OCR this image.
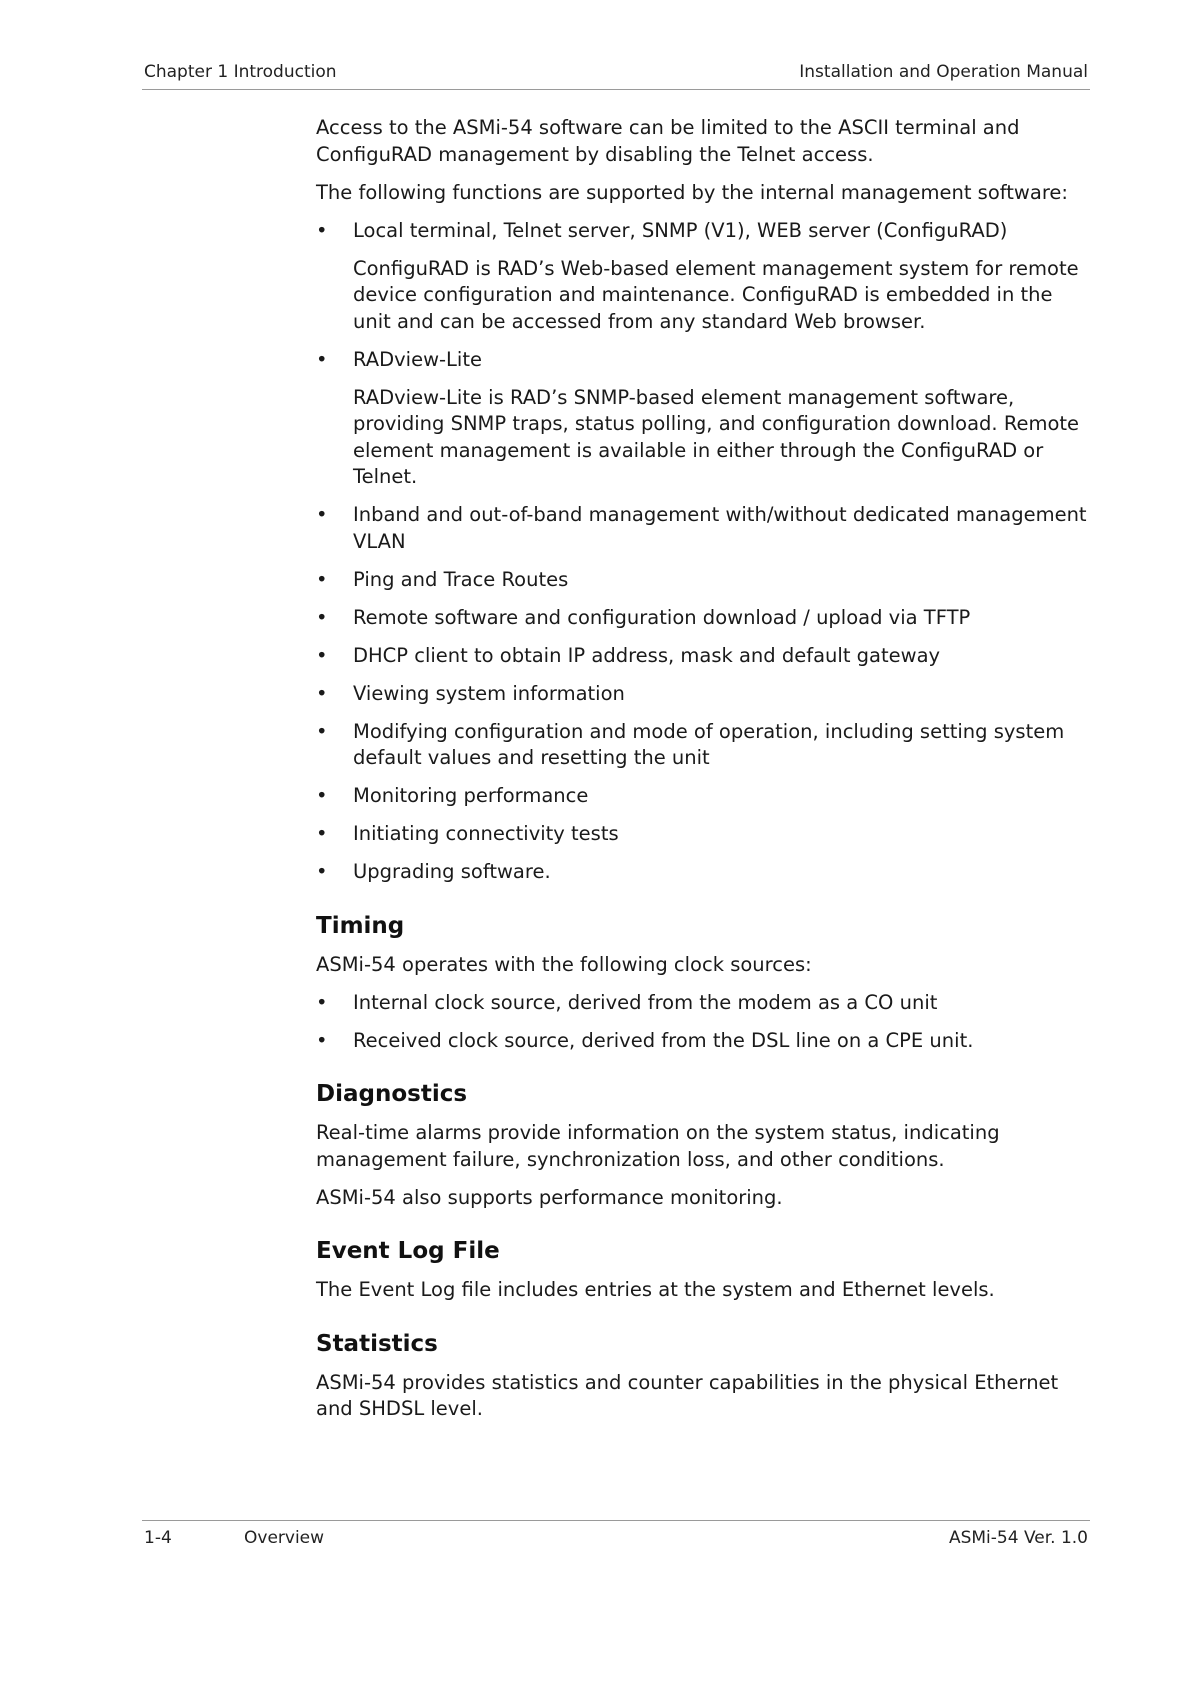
Chapter 1 Introduction	Installation and Operation Manual

Access to the ASMi-54 software can be limited to the ASCII terminal and ConfiguRAD management by disabling the Telnet access.

The following functions are supported by the internal management software:

• Local terminal, Telnet server, SNMP (V1), WEB server (ConfiguRAD)
ConfiguRAD is RAD’s Web-based element management system for remote device configuration and maintenance. ConfiguRAD is embedded in the unit and can be accessed from any standard Web browser.
• RADview-Lite
RADview-Lite is RAD’s SNMP-based element management software, providing SNMP traps, status polling, and configuration download. Remote element management is available in either through the ConfiguRAD or Telnet.
• Inband and out-of-band management with/without dedicated management VLAN
• Ping and Trace Routes
• Remote software and configuration download / upload via TFTP
• DHCP client to obtain IP address, mask and default gateway
• Viewing system information
• Modifying configuration and mode of operation, including setting system default values and resetting the unit
• Monitoring performance
• Initiating connectivity tests
• Upgrading software.
Timing

ASMi-54 operates with the following clock sources:

• Internal clock source, derived from the modem as a CO unit
• Received clock source, derived from the DSL line on a CPE unit.
Diagnostics

Real-time alarms provide information on the system status, indicating management failure, synchronization loss, and other conditions.

ASMi-54 also supports performance monitoring.

Event Log File

The Event Log file includes entries at the system and Ethernet levels.

Statistics

ASMi-54 provides statistics and counter capabilities in the physical Ethernet and SHDSL level.

1-4	Overview	ASMi-54 Ver. 1.0
